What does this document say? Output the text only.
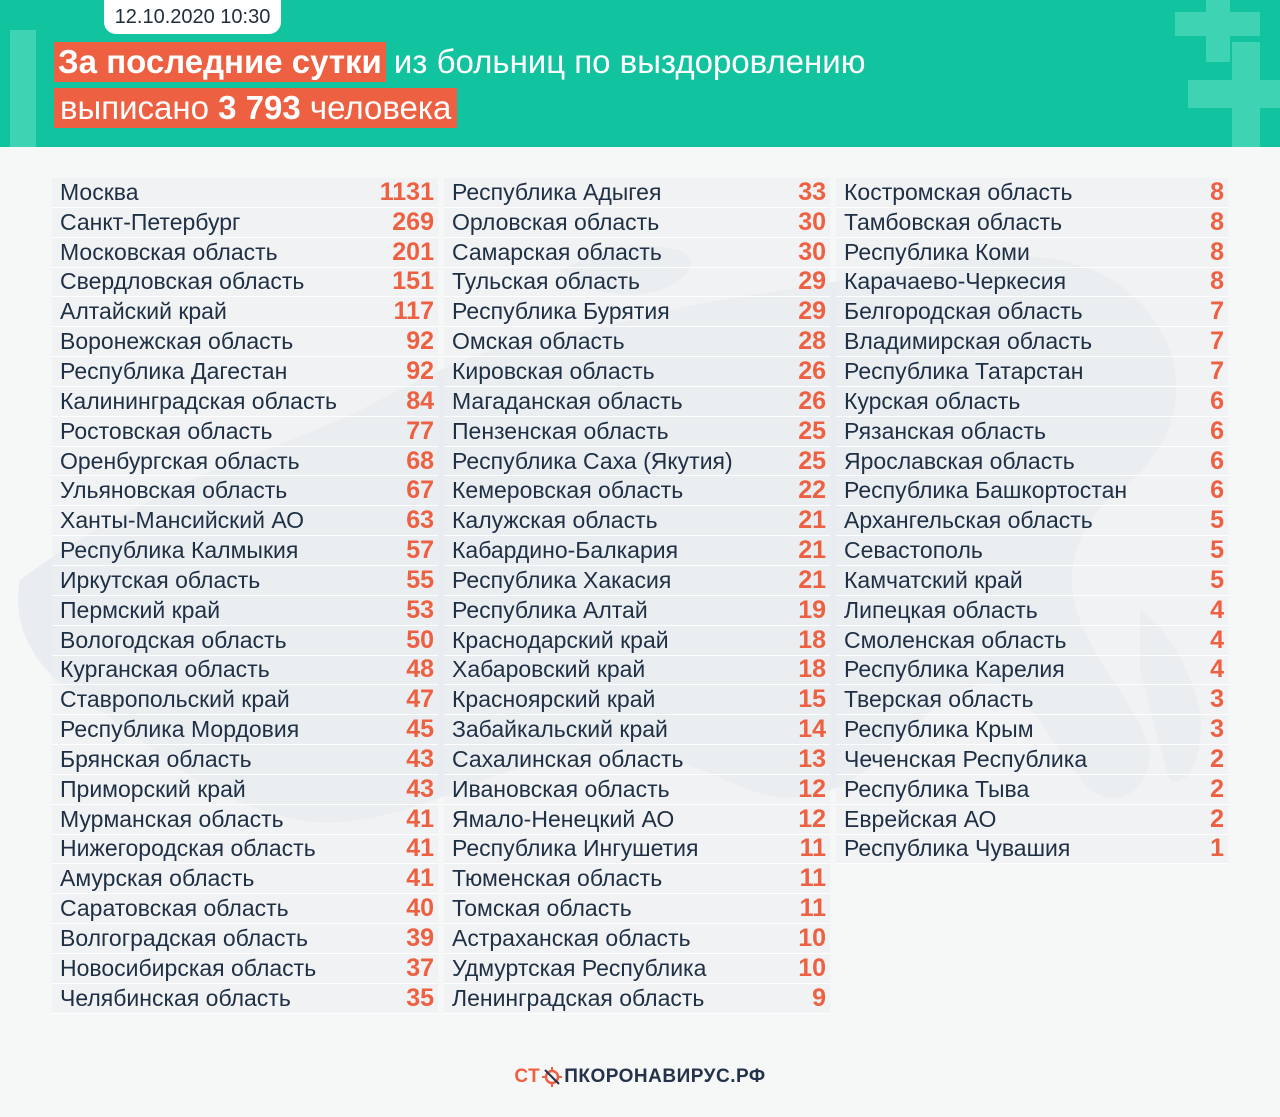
12.10.2020 10:30
За последние сутки из больниц по выздоровлению
выписано 3 793 человека
Москва	1131
Санкт-Петербург	269
Московская область	201
Свердловская область	151
Алтайский край	117
Воронежская область	92
Республика Дагестан	92
Калининградская область	84
Ростовская область	77
Оренбургская область	68
Ульяновская область	67
Ханты-Мансийский АО	63
Республика Калмыкия	57
Иркутская область	55
Пермский край	53
Вологодская область	50
Курганская область	48
Ставропольский край	47
Республика Мордовия	45
Брянская область	43
Приморский край	43
Мурманская область	41
Нижегородская область	41
Амурская область	41
Саратовская область	40
Волгоградская область	39
Новосибирская область	37
Челябинская область	35
Республика Адыгея	33
Орловская область	30
Самарская область	30
Тульская область	29
Республика Бурятия	29
Омская область	28
Кировская область	26
Магаданская область	26
Пензенская область	25
Республика Саха (Якутия)	25
Кемеровская область	22
Калужская область	21
Кабардино-Балкария	21
Республика Хакасия	21
Республика Алтай	19
Краснодарский край	18
Хабаровский край	18
Красноярский край	15
Забайкальский край	14
Сахалинская область	13
Ивановская область	12
Ямало-Ненецкий АО	12
Республика Ингушетия	11
Тюменская область	11
Томская область	11
Астраханская область	10
Удмуртская Республика	10
Ленинградская область	9
Костромская область	8
Тамбовская область	8
Республика Коми	8
Карачаево-Черкесия	8
Белгородская область	7
Владимирская область	7
Республика Татарстан	7
Курская область	6
Рязанская область	6
Ярославская область	6
Республика Башкортостан	6
Архангельская область	5
Севастополь	5
Камчатский край	5
Липецкая область	4
Смоленская область	4
Республика Карелия	4
Тверская область	3
Республика Крым	3
Чеченская Республика	2
Республика Тыва	2
Еврейская АО	2
Республика Чувашия	1
СТ ПКОРОНАВИРУС.РФ
